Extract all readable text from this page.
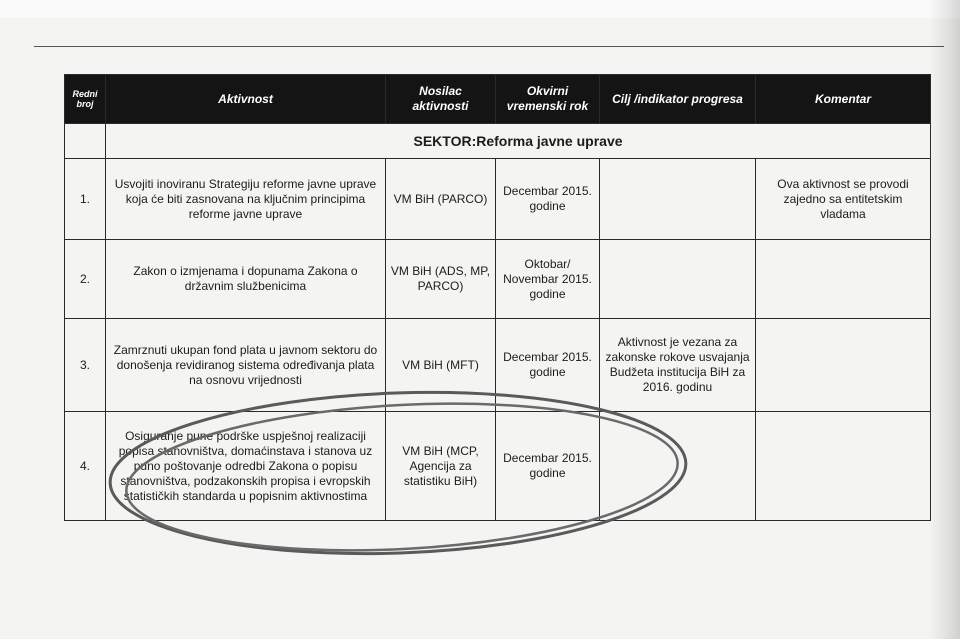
Redni broj	Aktivnost	Nosilac aktivnosti	Okvirni vremenski rok	Cilj /indikator progresa	Komentar
	SEKTOR:Reforma javne uprave				
1.	Usvojiti inoviranu Strategiju reforme javne uprave koja će biti zasnovana na ključnim principima reforme javne uprave	VM BiH (PARCO)	Decembar 2015. godine		Ova aktivnost se provodi zajedno sa entitetskim vladama
2.	Zakon o izmjenama i dopunama Zakona o državnim službenicima	VM BiH (ADS, MP, PARCO)	Oktobar/ Novembar 2015. godine		
3.	Zamrznuti ukupan fond plata u javnom sektoru do donošenja revidiranog sistema određivanja plata na osnovu vrijednosti	VM BiH (MFT)	Decembar 2015. godine	Aktivnost je vezana za zakonske rokove usvajanja Budžeta institucija BiH za 2016. godinu	
4.	Osiguranje pune podrške uspješnoj realizaciji popisa stanovništva, domaćinstava i stanova uz puno poštovanje odredbi Zakona o popisu stanovništva, podzakonskih propisa i evropskih statističkih standarda u popisnim aktivnostima	VM BiH (MCP, Agencija za statistiku BiH)	Decembar 2015. godine		
